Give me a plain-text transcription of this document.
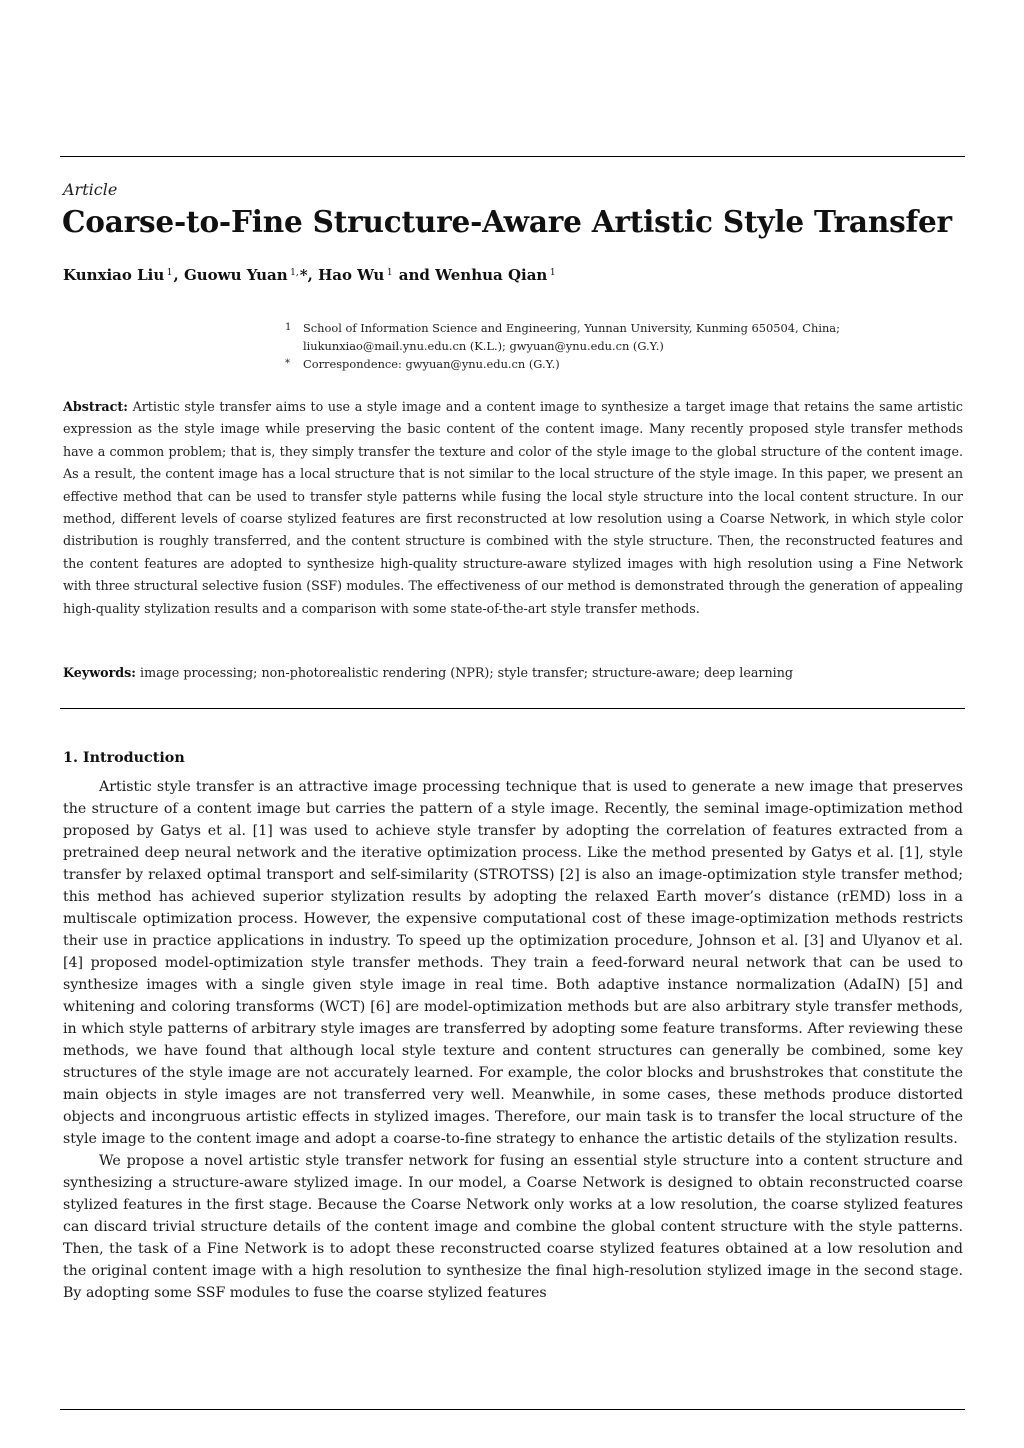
Article
Coarse-to-Fine Structure-Aware Artistic Style Transfer
Kunxiao Liu  $^1$, Guowu Yuan  $^{1,}$*, Hao Wu  $^1$ and Wenhua Qian  $^1$
1 School of Information Science and Engineering, Yunnan University, Kunming 650504, China;
liukunxiao@mail.ynu.edu.cn (K.L.); gwyuan@ynu.edu.cn (G.Y.)
* Correspondence: gwyuan@ynu.edu.cn (G.Y.)
Abstract: Artistic style transfer aims to use a style image and a content image to synthesize a target image that retains the same artistic expression as the style image while preserving the basic content of the content image. Many recently proposed style transfer methods have a common problem; that is, they simply transfer the texture and color of the style image to the global structure of the content image. As a result, the content image has a local structure that is not similar to the local structure of the style image. In this paper, we present an effective method that can be used to transfer style patterns while fusing the local style structure into the local content structure. In our method, different levels of coarse stylized features are first reconstructed at low resolution using a Coarse Network, in which style color distribution is roughly transferred, and the content structure is combined with the style structure. Then, the reconstructed features and the content features are adopted to synthesize high-quality structure-aware stylized images with high resolution using a Fine Network with three structural selective fusion (SSF) modules. The effectiveness of our method is demonstrated through the generation of appealing high-quality stylization results and a comparison with some state-of-the-art style transfer methods.
Keywords: image processing; non-photorealistic rendering (NPR); style transfer; structure-aware; deep learning
1. Introduction

Artistic style transfer is an attractive image processing technique that is used to generate a new image that preserves the structure of a content image but carries the pattern of a style image. Recently, the seminal image-optimization method proposed by Gatys et al. [1] was used to achieve style transfer by adopting the correlation of features extracted from a pretrained deep neural network and the iterative optimization process. Like the method presented by Gatys et al. [1], style transfer by relaxed optimal transport and self-similarity (STROTSS) [2] is also an image-optimization style transfer method; this method has achieved superior stylization results by adopting the relaxed Earth mover’s distance (rEMD) loss in a multiscale optimization process. However, the expensive computational cost of these image-optimization methods restricts their use in practice applications in industry. To speed up the optimization procedure, Johnson et al. [3] and Ulyanov et al. [4] proposed model-optimization style transfer methods. They train a feed-forward neural network that can be used to synthesize images with a single given style image in real time. Both adaptive instance normalization (AdaIN) [5] and whitening and coloring transforms (WCT) [6] are model-optimization methods but are also arbitrary style transfer methods, in which style patterns of arbitrary style images are transferred by adopting some feature transforms. After reviewing these methods, we have found that although local style texture and content structures can generally be combined, some key structures of the style image are not accurately learned. For example, the color blocks and brushstrokes that constitute the main objects in style images are not transferred very well. Meanwhile, in some cases, these methods produce distorted objects and incongruous artistic effects in stylized images. Therefore, our main task is to transfer the local structure of the style image to the content image and adopt a coarse-to-fine strategy to enhance the artistic details of the stylization results.

We propose a novel artistic style transfer network for fusing an essential style structure into a content structure and synthesizing a structure-aware stylized image. In our model, a Coarse Network is designed to obtain reconstructed coarse stylized features in the first stage. Because the Coarse Network only works at a low resolution, the coarse stylized features can discard trivial structure details of the content image and combine the global content structure with the style patterns. Then, the task of a Fine Network is to adopt these reconstructed coarse stylized features obtained at a low resolution and the original content image with a high resolution to synthesize the final high-resolution stylized image in the second stage. By adopting some SSF modules to fuse the coarse stylized features
